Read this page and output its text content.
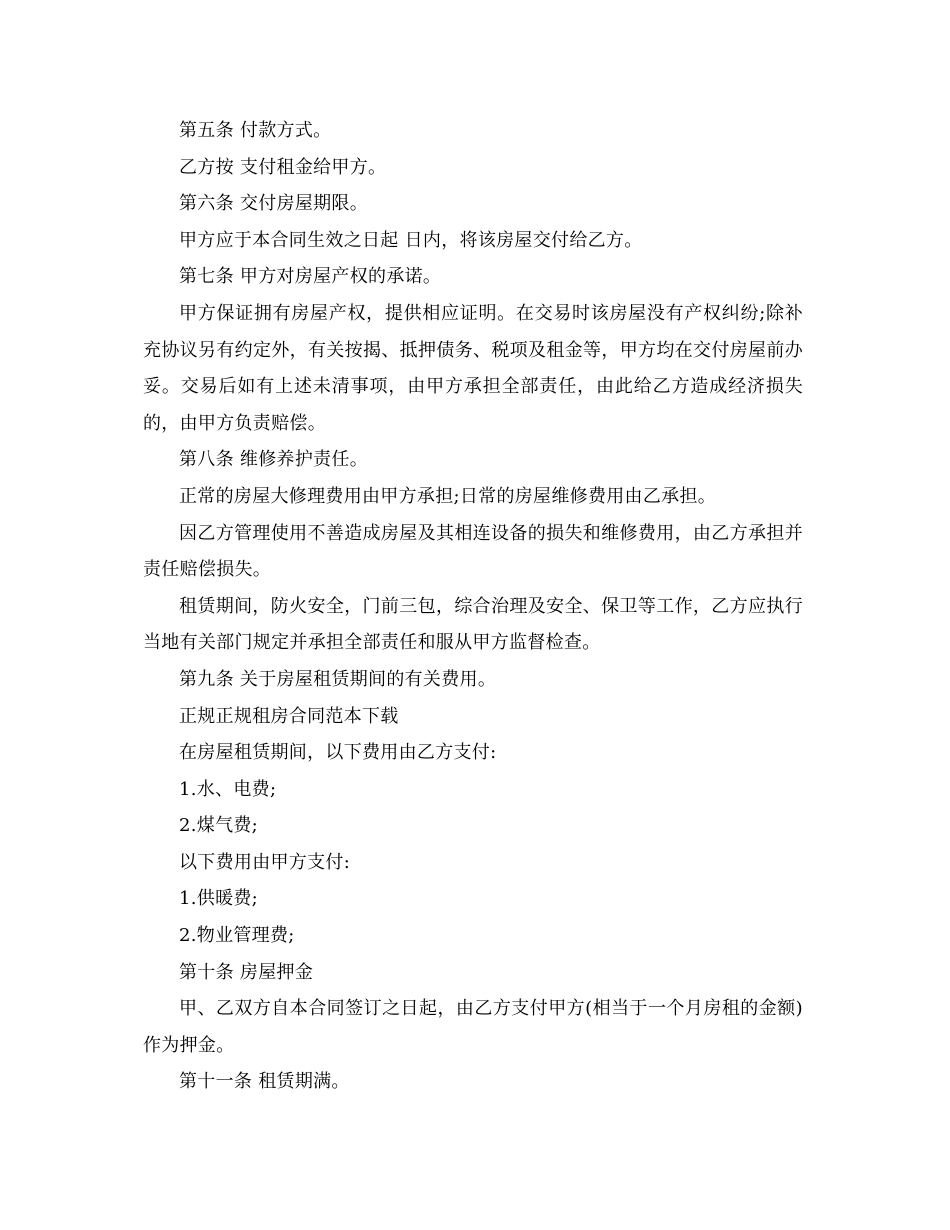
第五条 付款方式。

乙方按 支付租金给甲方。

第六条 交付房屋期限。

甲方应于本合同生效之日起 日内，将该房屋交付给乙方。

第七条 甲方对房屋产权的承诺。

甲方保证拥有房屋产权，提供相应证明。在交易时该房屋没有产权纠纷;除补充协议另有约定外，有关按揭、抵押债务、税项及租金等，甲方均在交付房屋前办妥。交易后如有上述未清事项，由甲方承担全部责任，由此给乙方造成经济损失的，由甲方负责赔偿。

第八条 维修养护责任。

正常的房屋大修理费用由甲方承担;日常的房屋维修费用由乙承担。

因乙方管理使用不善造成房屋及其相连设备的损失和维修费用，由乙方承担并责任赔偿损失。

租赁期间，防火安全，门前三包，综合治理及安全、保卫等工作，乙方应执行当地有关部门规定并承担全部责任和服从甲方监督检查。

第九条 关于房屋租赁期间的有关费用。

正规正规租房合同范本下载

在房屋租赁期间，以下费用由乙方支付:

1.水、电费;

2.煤气费;

以下费用由甲方支付:

1.供暖费;

2.物业管理费;

第十条 房屋押金

甲、乙双方自本合同签订之日起，由乙方支付甲方(相当于一个月房租的金额)作为押金。

第十一条 租赁期满。
